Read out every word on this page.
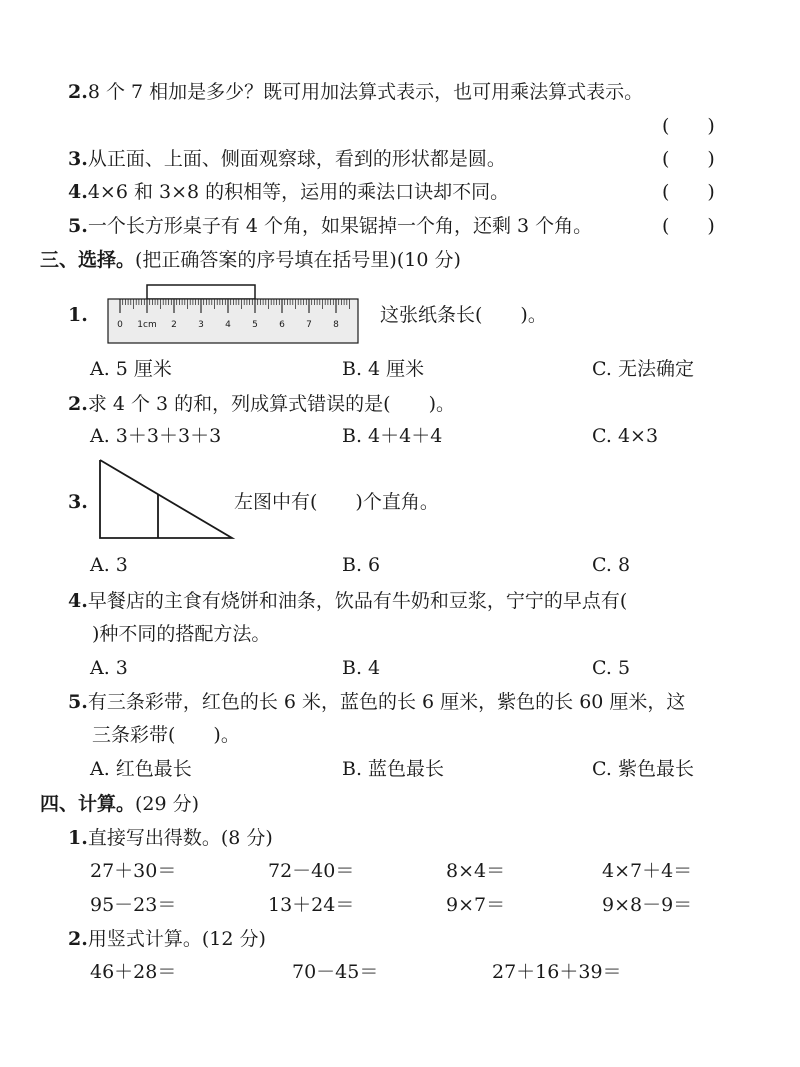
2.8 个 7 相加是多少？既可用加法算式表示，也可用乘法算式表示。
(　　)
3.从正面、上面、侧面观察球，看到的形状都是圆。	(　　)
4.4×6 和 3×8 的积相等，运用的乘法口诀却不同。	(　　)
5.一个长方形桌子有 4 个角，如果锯掉一个角，还剩 3 个角。	(　　)
三、选择。(把正确答案的序号填在括号里)(10 分)
1.	0 1cm 2 3 4 5 6 7 8 这张纸条长(　　)。
A. 5 厘米	B. 4 厘米	C. 无法确定
2.求 4 个 3 的和，列成算式错误的是(　　)。
A. 3＋3＋3＋3	B. 4＋4＋4	C. 4×3
3.	左图中有(　　)个直角。
A. 3	B. 6	C. 8
4.早餐店的主食有烧饼和油条，饮品有牛奶和豆浆，宁宁的早点有(
)种不同的搭配方法。
A. 3	B. 4	C. 5
5.有三条彩带，红色的长 6 米，蓝色的长 6 厘米，紫色的长 60 厘米，这
三条彩带(　　)。
A. 红色最长	B. 蓝色最长	C. 紫色最长
四、计算。(29 分)
1.直接写出得数。(8 分)
27＋30＝	72－40＝	8×4＝	4×7＋4＝
95－23＝	13＋24＝	9×7＝	9×8－9＝
2.用竖式计算。(12 分)
46＋28＝	70－45＝	27＋16＋39＝
